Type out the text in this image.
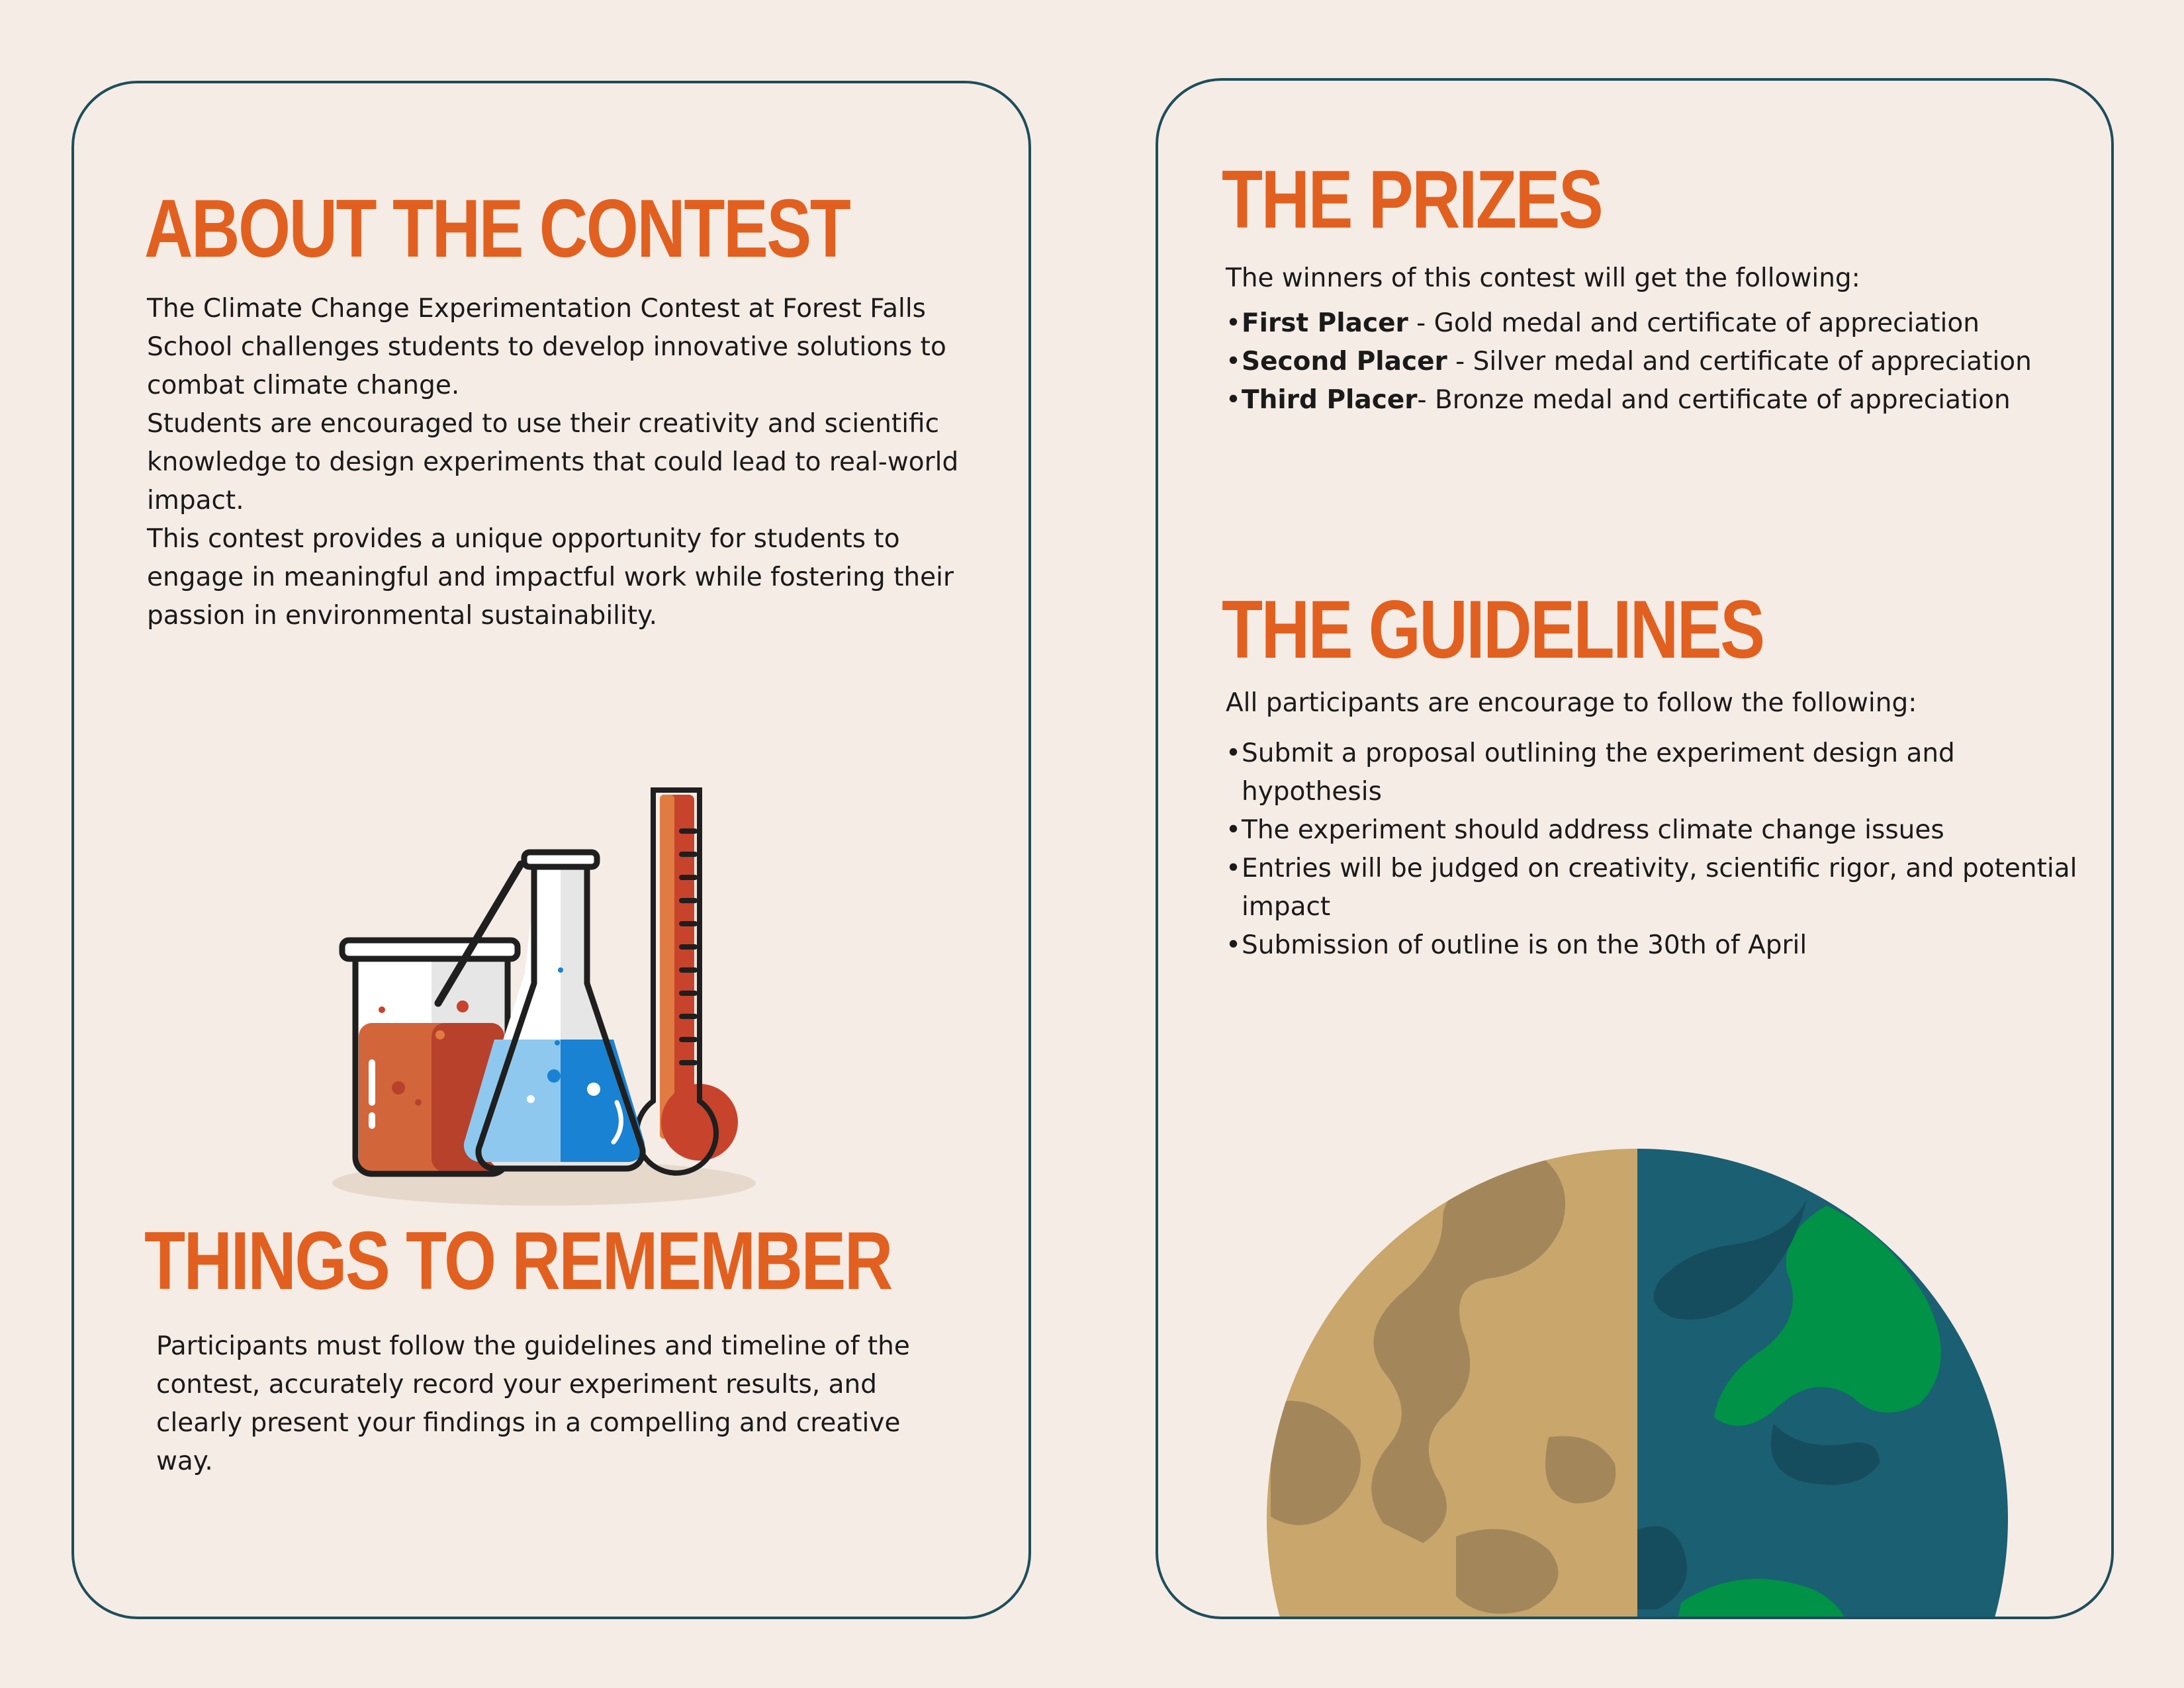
ABOUT THE CONTEST

The Climate Change Experimentation Contest at Forest Falls School challenges students to develop innovative solutions to combat climate change.

Students are encouraged to use their creativity and scientific knowledge to design experiments that could lead to real-world impact.

This contest provides a unique opportunity for students to engage in meaningful and impactful work while fostering their passion in environmental sustainability.

THINGS TO REMEMBER

Participants must follow the guidelines and timeline of the contest, accurately record your experiment results, and clearly present your findings in a compelling and creative way.

THE PRIZES

The winners of this contest will get the following:

•First Placer - Gold medal and certificate of appreciation
•Second Placer - Silver medal and certificate of appreciation
•Third Placer- Bronze medal and certificate of appreciation
THE GUIDELINES

All participants are encourage to follow the following:

•Submit a proposal outlining the experiment design and hypothesis
•The experiment should address climate change issues
•Entries will be judged on creativity, scientific rigor, and potential impact
•Submission of outline is on the 30th of April
